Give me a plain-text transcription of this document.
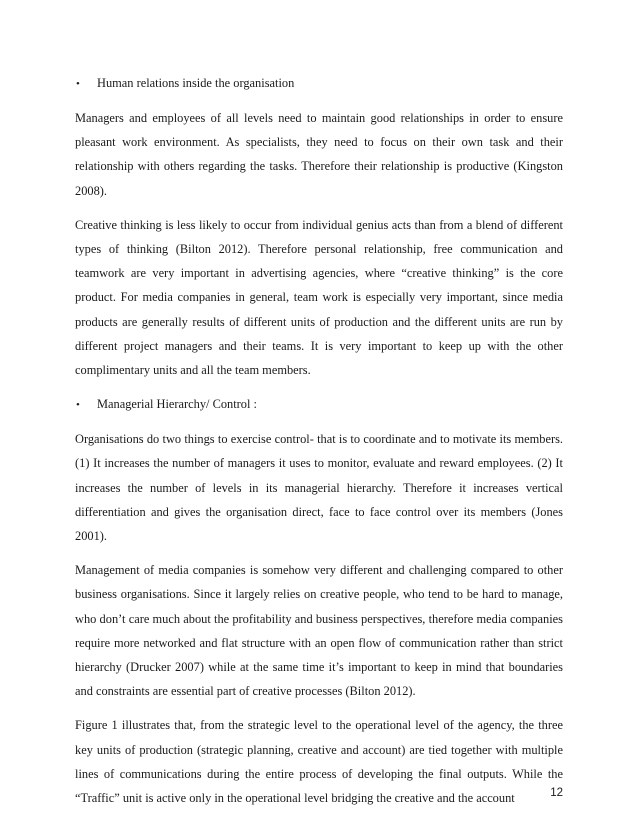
•	Human relations inside the organisation

Managers and employees of all levels need to maintain good relationships in order to ensure pleasant work environment. As specialists, they need to focus on their own task and their relationship with others regarding the tasks. Therefore their relationship is productive (Kingston 2008).

Creative thinking is less likely to occur from individual genius acts than from a blend of different types of thinking (Bilton 2012). Therefore personal relationship, free communication and teamwork are very important in advertising agencies, where “creative thinking” is the core product. For media companies in general, team work is especially very important, since media products are generally results of different units of production and the different units are run by different project managers and their teams. It is very important to keep up with the other complimentary units and all the team members.

•	Managerial Hierarchy/ Control :

Organisations do two things to exercise control- that is to coordinate and to motivate its members. (1) It increases the number of managers it uses to monitor, evaluate and reward employees. (2) It increases the number of levels in its managerial hierarchy. Therefore it increases vertical differentiation and gives the organisation direct, face to face control over its members (Jones 2001).

Management of media companies is somehow very different and challenging compared to other business organisations. Since it largely relies on creative people, who tend to be hard to manage, who don’t care much about the profitability and business perspectives, therefore media companies require more networked and flat structure with an open flow of communication rather than strict hierarchy (Drucker 2007) while at the same time it’s important to keep in mind that boundaries and constraints are essential part of creative processes (Bilton 2012).

Figure 1 illustrates that, from the strategic level to the operational level of the agency, the three key units of production (strategic planning, creative and account) are tied together with multiple lines of communications during the entire process of developing the final outputs. While the “Traffic” unit is active only in the operational level bridging the creative and the account	12
